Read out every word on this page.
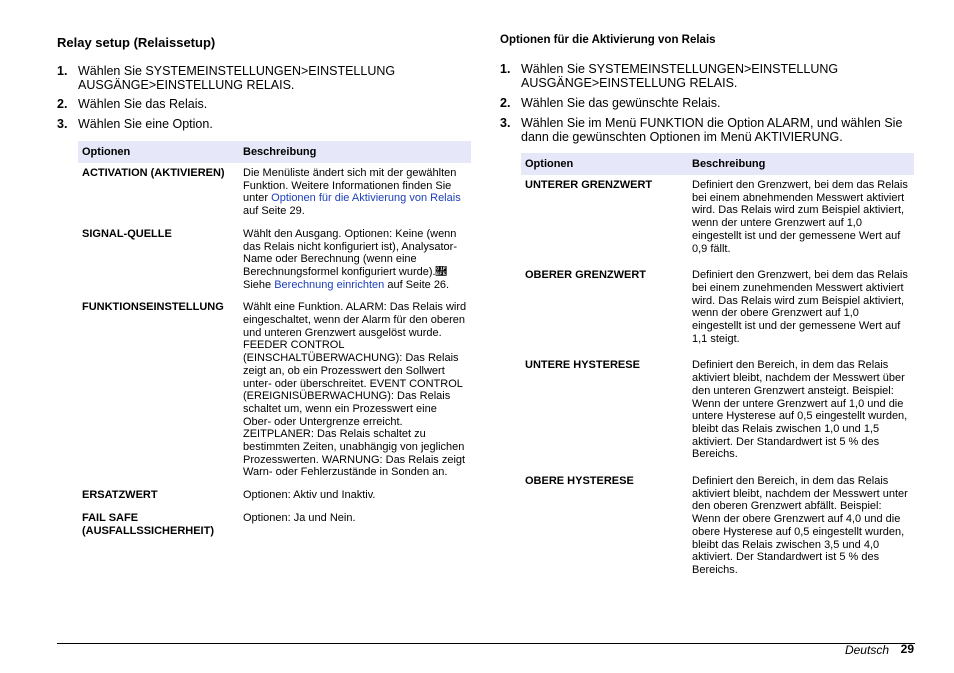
Relay setup (Relaissetup)
1. Wählen Sie SYSTEMEINSTELLUNGEN>EINSTELLUNG AUSGÄNGE>EINSTELLUNG RELAIS.
2. Wählen Sie das Relais.
3. Wählen Sie eine Option.
Optionen	Beschreibung
ACTIVATION (AKTIVIEREN)	Die Menüliste ändert sich mit der gewählten Funktion. Weitere Informationen finden Sie unter Optionen für die Aktivierung von Relais auf Seite 29.
SIGNAL-QUELLE	Wählt den Ausgang. Optionen: Keine (wenn das Relais nicht konfiguriert ist), Analysator-Name oder Berechnung (wenn eine Berechnungsformel konfiguriert wurde).🯾 Siehe Berechnung einrichten auf Seite 26.
FUNKTIONSEINSTELLUNG	Wählt eine Funktion. ALARM: Das Relais wird eingeschaltet, wenn der Alarm für den oberen und unteren Grenzwert ausgelöst wurde. FEEDER CONTROL (EINSCHALTÜBERWACHUNG): Das Relais zeigt an, ob ein Prozesswert den Sollwert unter- oder überschreitet. EVENT CONTROL (EREIGNISÜBERWACHUNG): Das Relais schaltet um, wenn ein Prozesswert eine Ober- oder Untergrenze erreicht. ZEITPLANER: Das Relais schaltet zu bestimmten Zeiten, unabhängig von jeglichen Prozesswerten. WARNUNG: Das Relais zeigt Warn- oder Fehlerzustände in Sonden an.
ERSATZWERT	Optionen: Aktiv und Inaktiv.
FAIL SAFE (AUSFALLSSICHERHEIT)	Optionen: Ja und Nein.
Optionen für die Aktivierung von Relais
1. Wählen Sie SYSTEMEINSTELLUNGEN>EINSTELLUNG AUSGÄNGE>EINSTELLUNG RELAIS.
2. Wählen Sie das gewünschte Relais.
3. Wählen Sie im Menü FUNKTION die Option ALARM, und wählen Sie dann die gewünschten Optionen im Menü AKTIVIERUNG.
Optionen	Beschreibung
UNTERER GRENZWERT	Definiert den Grenzwert, bei dem das Relais bei einem abnehmenden Messwert aktiviert wird. Das Relais wird zum Beispiel aktiviert, wenn der untere Grenzwert auf 1,0 eingestellt ist und der gemessene Wert auf 0,9 fällt.
OBERER GRENZWERT	Definiert den Grenzwert, bei dem das Relais bei einem zunehmenden Messwert aktiviert wird. Das Relais wird zum Beispiel aktiviert, wenn der obere Grenzwert auf 1,0 eingestellt ist und der gemessene Wert auf 1,1 steigt.
UNTERE HYSTERESE	Definiert den Bereich, in dem das Relais aktiviert bleibt, nachdem der Messwert über den unteren Grenzwert ansteigt. Beispiel: Wenn der untere Grenzwert auf 1,0 und die untere Hysterese auf 0,5 eingestellt wurden, bleibt das Relais zwischen 1,0 und 1,5 aktiviert. Der Standardwert ist 5 % des Bereichs.
OBERE HYSTERESE	Definiert den Bereich, in dem das Relais aktiviert bleibt, nachdem der Messwert unter den oberen Grenzwert abfällt. Beispiel: Wenn der obere Grenzwert auf 4,0 und die obere Hysterese auf 0,5 eingestellt wurden, bleibt das Relais zwischen 3,5 und 4,0 aktiviert. Der Standardwert ist 5 % des Bereichs.
Deutsch 29
